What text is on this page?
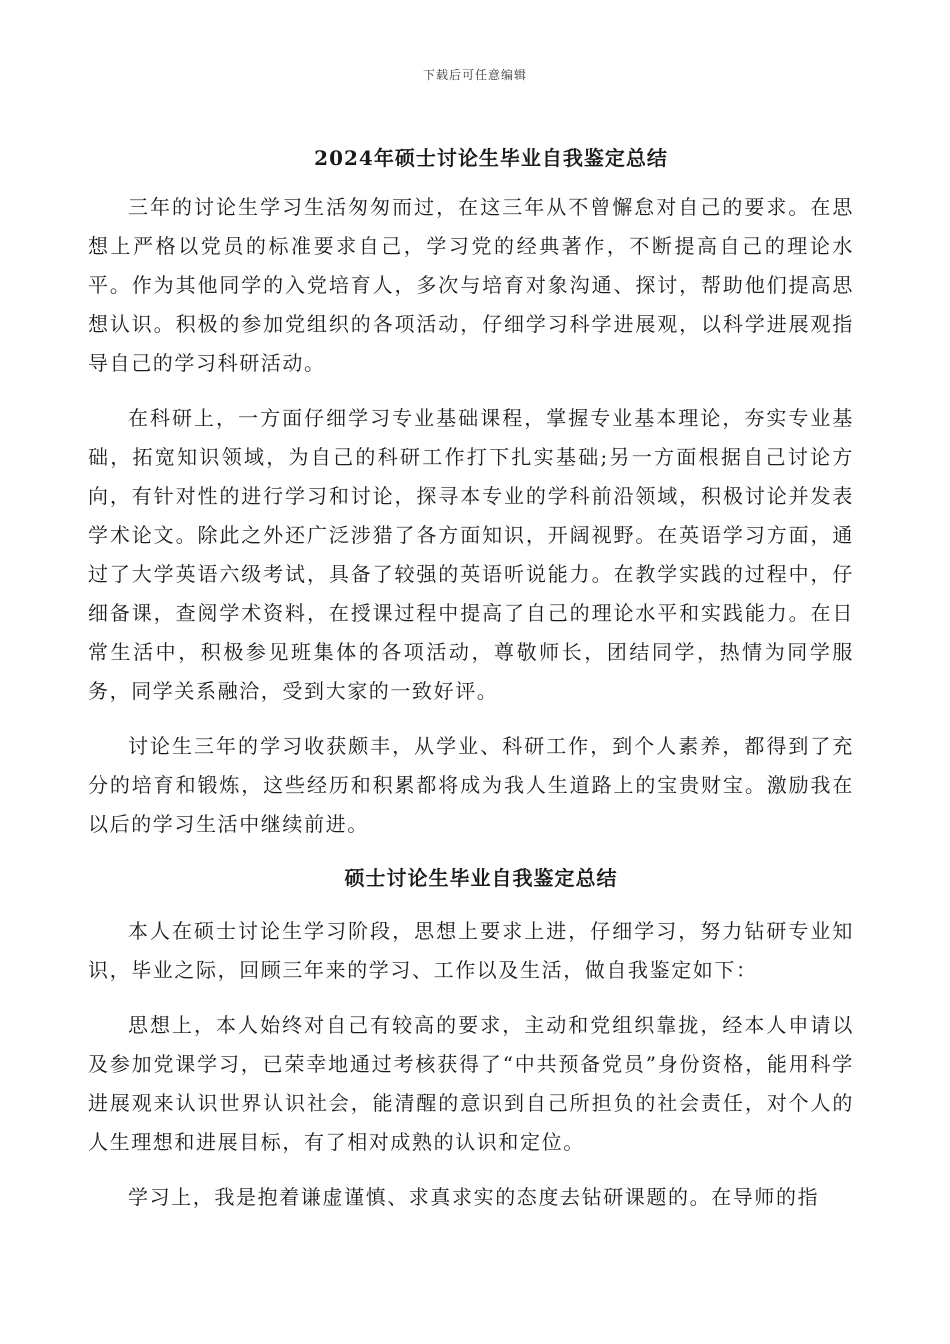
下载后可任意编辑
2024年硕士讨论生毕业自我鉴定总结

三年的讨论生学习生活匆匆而过，在这三年从不曾懈怠对自己的要求。在思想上严格以党员的标准要求自己，学习党的经典著作，不断提高自己的理论水平。作为其他同学的入党培育人，多次与培育对象沟通、探讨，帮助他们提高思想认识。积极的参加党组织的各项活动，仔细学习科学进展观，以科学进展观指导自己的学习科研活动。

在科研上，一方面仔细学习专业基础课程，掌握专业基本理论，夯实专业基础，拓宽知识领域，为自己的科研工作打下扎实基础;另一方面根据自己讨论方向，有针对性的进行学习和讨论，探寻本专业的学科前沿领域，积极讨论并发表学术论文。除此之外还广泛涉猎了各方面知识，开阔视野。在英语学习方面，通过了大学英语六级考试，具备了较强的英语听说能力。在教学实践的过程中，仔细备课，查阅学术资料，在授课过程中提高了自己的理论水平和实践能力。在日常生活中，积极参见班集体的各项活动，尊敬师长，团结同学，热情为同学服务，同学关系融洽，受到大家的一致好评。

讨论生三年的学习收获颇丰，从学业、科研工作，到个人素养，都得到了充分的培育和锻炼，这些经历和积累都将成为我人生道路上的宝贵财宝。激励我在以后的学习生活中继续前进。

硕士讨论生毕业自我鉴定总结

本人在硕士讨论生学习阶段，思想上要求上进，仔细学习，努力钻研专业知识，毕业之际，回顾三年来的学习、工作以及生活，做自我鉴定如下：

思想上，本人始终对自己有较高的要求，主动和党组织靠拢，经本人申请以及参加党课学习，已荣幸地通过考核获得了“中共预备党员”身份资格，能用科学进展观来认识世界认识社会，能清醒的意识到自己所担负的社会责任，对个人的人生理想和进展目标，有了相对成熟的认识和定位。

学习上，我是抱着谦虚谨慎、求真求实的态度去钻研课题的。在导师的指
